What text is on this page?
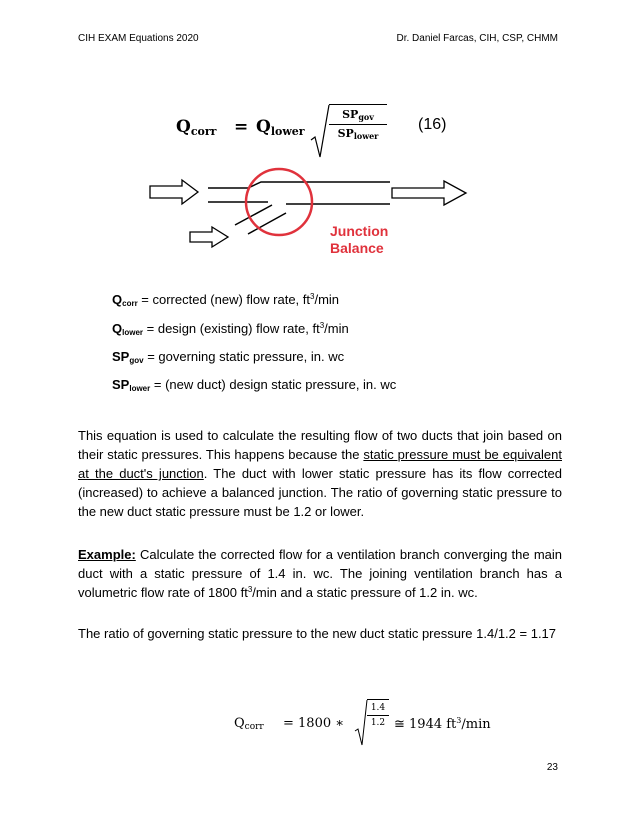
CIH EXAM Equations 2020	Dr. Daniel Farcas, CIH, CSP, CHMM
$Q_{corr} = Q_{lower}$
$SP_{gov}$
$SP_{lower}$
(16)
Junction
Balance
$Q_{corr}$ = corrected (new) flow rate, $ft^3/\min$
$Q_{lower}$ = design (existing) flow rate, $ft^3/\min$
$SP_{gov}$ = governing static pressure, in. wc
$SP_{lower} = (new$ duct) design static pressure, in. wc
This equation is used to calculate the resulting flow of two ducts that join based on their static pressures. This happens because the static pressure must be equivalent at the duct's junction. The duct with lower static pressure has its flow corrected (increased) to achieve a balanced junction. The ratio of governing static pressure to the new duct static pressure must be 1.2 or lower.
Example: Calculate the corrected flow for a ventilation branch converging the main duct with a static pressure of 1.4 in. wc. The joining ventilation branch has a volumetric flow rate of 1800 $ft^3/\min$ and a static pressure of 1.2 in. wc.
The ratio of governing static pressure to the new duct static pressure 1.4/1.2 = 1.17
$Q_{corr} = 1800$ ∗
1.4
1.2 ≅ 1944 $ft^3/\min$
23
